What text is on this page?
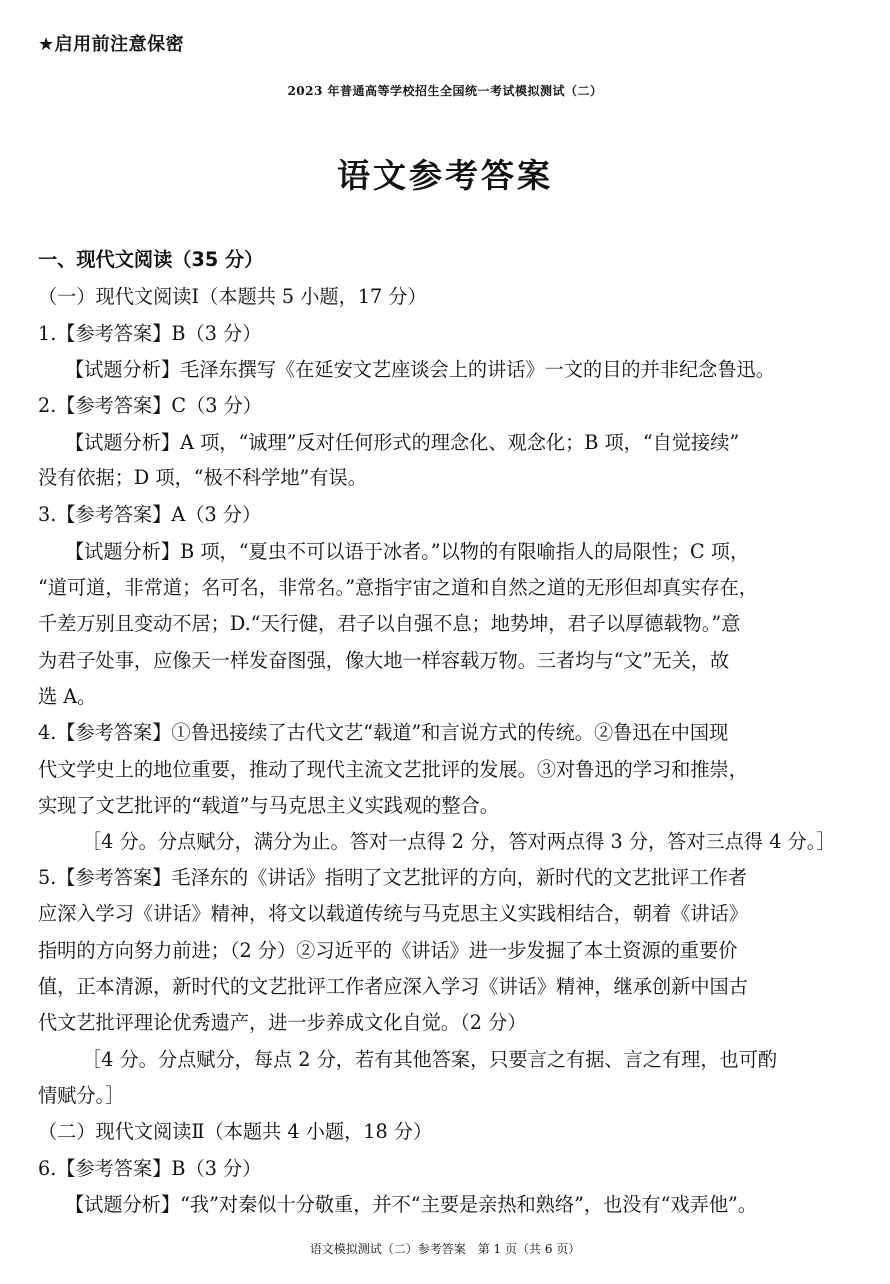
★启用前注意保密
2023 年普通高等学校招生全国统一考试模拟测试（二）
语文参考答案
一、现代文阅读（35 分）
（一）现代文阅读Ⅰ（本题共 5 小题，17 分）
1.【参考答案】B（3 分）
【试题分析】毛泽东撰写《在延安文艺座谈会上的讲话》一文的目的并非纪念鲁迅。
2.【参考答案】C（3 分）
【试题分析】A 项，“诚理”反对任何形式的理念化、观念化；B 项，“自觉接续”
没有依据；D 项，“极不科学地”有误。
3.【参考答案】A（3 分）
【试题分析】B 项，“夏虫不可以语于冰者。”以物的有限喻指人的局限性；C 项，
“道可道，非常道；名可名，非常名。”意指宇宙之道和自然之道的无形但却真实存在，
千差万别且变动不居；D.“天行健，君子以自强不息；地势坤，君子以厚德载物。”意
为君子处事，应像天一样发奋图强，像大地一样容载万物。三者均与“文”无关，故
选 A。
4.【参考答案】①鲁迅接续了古代文艺“载道”和言说方式的传统。②鲁迅在中国现
代文学史上的地位重要，推动了现代主流文艺批评的发展。③对鲁迅的学习和推崇，
实现了文艺批评的“载道”与马克思主义实践观的整合。
［4 分。分点赋分，满分为止。答对一点得 2 分，答对两点得 3 分，答对三点得 4 分。］
5.【参考答案】毛泽东的《讲话》指明了文艺批评的方向，新时代的文艺批评工作者
应深入学习《讲话》精神，将文以载道传统与马克思主义实践相结合，朝着《讲话》
指明的方向努力前进；（2 分）②习近平的《讲话》进一步发掘了本土资源的重要价
值，正本清源，新时代的文艺批评工作者应深入学习《讲话》精神，继承创新中国古
代文艺批评理论优秀遗产，进一步养成文化自觉。（2 分）
［4 分。分点赋分，每点 2 分，若有其他答案，只要言之有据、言之有理，也可酌
情赋分。］
（二）现代文阅读Ⅱ（本题共 4 小题，18 分）
6.【参考答案】B（3 分）
【试题分析】“我”对秦似十分敬重，并不“主要是亲热和熟络”，也没有“戏弄他”。
语文模拟测试（二）参考答案　第 1 页（共 6 页）
